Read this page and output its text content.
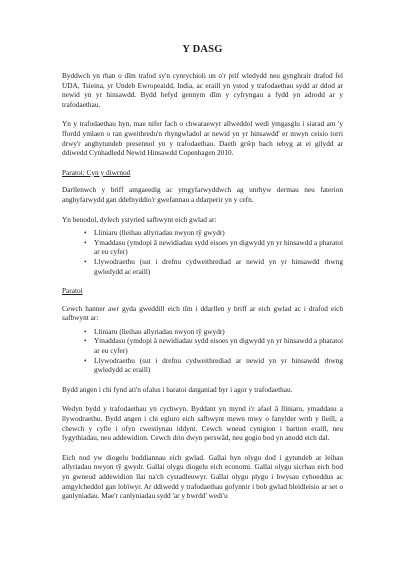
Y DASG

Byddwch yn rhan o dîm trafod sy'n cynrychioli un o'r prif wledydd neu gynghrair drafod fel UDA, Tsieina, yr Undeb Ewropeaidd, India, ac eraill yn ystod y trafodaethau sydd ar ddod ar newid yn yr hinsawdd. Bydd hefyd gennym dîm y cyfryngau a fydd yn adrodd ar y trafodaethau.

Yn y trafodaethau hyn, mae nifer fach o chwaraewyr allweddol wedi ymgasglu i siarad am 'y ffordd ymlaen o ran gweithredu'n rhyngwladol ar newid yn yr hinsawdd' er mwyn ceisio torri drwy'r anghytundeb presennol yn y trafodaethau. Daeth grŵp bach tebyg at ei gilydd ar ddiwedd Cynhadledd Newid Hinsawdd Copenhagen 2010.

Paratoi: Cyn y diwrnod

Darllenwch y briff amgaeedig ac ymgyfarwyddwch ag unrhyw dermau neu faterion anghyfarwydd gan ddefnyddio'r gwefannau a ddarperir yn y cefn.

Yn benodol, dylech ystyried safbwynt eich gwlad ar:

• Lliniaru (lleihau allyriadau nwyon tŷ gwydr)
• Ymaddasu (ymdopi â newidiadau sydd eisoes yn digwydd yn yr hinsawdd a pharatoi ar eu cyfer)
• Llywodraethu (sut i drefnu cydweithrediad ar newid yn yr hinsawdd rhwng gwledydd ac eraill)
Paratoi

Cewch hanner awr gyda gweddill eich tîm i ddarllen y briff ar eich gwlad ac i drafod eich safbwynt ar:

• Lliniaru (lleihau allyriadau nwyon tŷ gwydr)
• Ymaddasu (ymdopi â newidiadau sydd eisoes yn digwydd yn yr hinsawdd a pharatoi ar eu cyfer)
• Llywodraethu (sut i drefnu cydweithrediad ar newid yn yr hinsawdd rhwng gwledydd ac eraill)

Bydd angen i chi fynd ati'n ofalus i baratoi datganiad byr i agor y trafodaethau.

Wedyn bydd y trafodaethau yn cychwyn. Byddant yn mynd i'r afael â lliniaru, ymaddasu a llywodraethu. Bydd angen i chi egluro eich safbwynt mewn mwy o fanylder wrth y lleill, a chewch y cyfle i ofyn cwestiynau iddynt. Cewch wneud cynigion i bartion eraill, neu fygythiadau, neu addewidion. Cewch drio dwyn perswâd, neu gogio bod yn anodd eich dal.

Eich nod yw diogelu buddiannau eich gwlad. Gallai hyn olygu dod i gytundeb ar leihau allyriadau nwyon tŷ gwydr. Gallai olygu diogelu eich economi. Gallai olygu sicrhau eich bod yn gwneud addewidion llai na'ch cystadleuwyr. Gallai olygu plygu i bwysau cyhoeddus ac amgylcheddol gan lobïwyr. Ar ddiwedd y trafodaethau gofynnir i bob gwlad bleidleisio ar set o ganlyniadau. Mae'r canlyniadau sydd 'ar y bwrdd' wedi'u
